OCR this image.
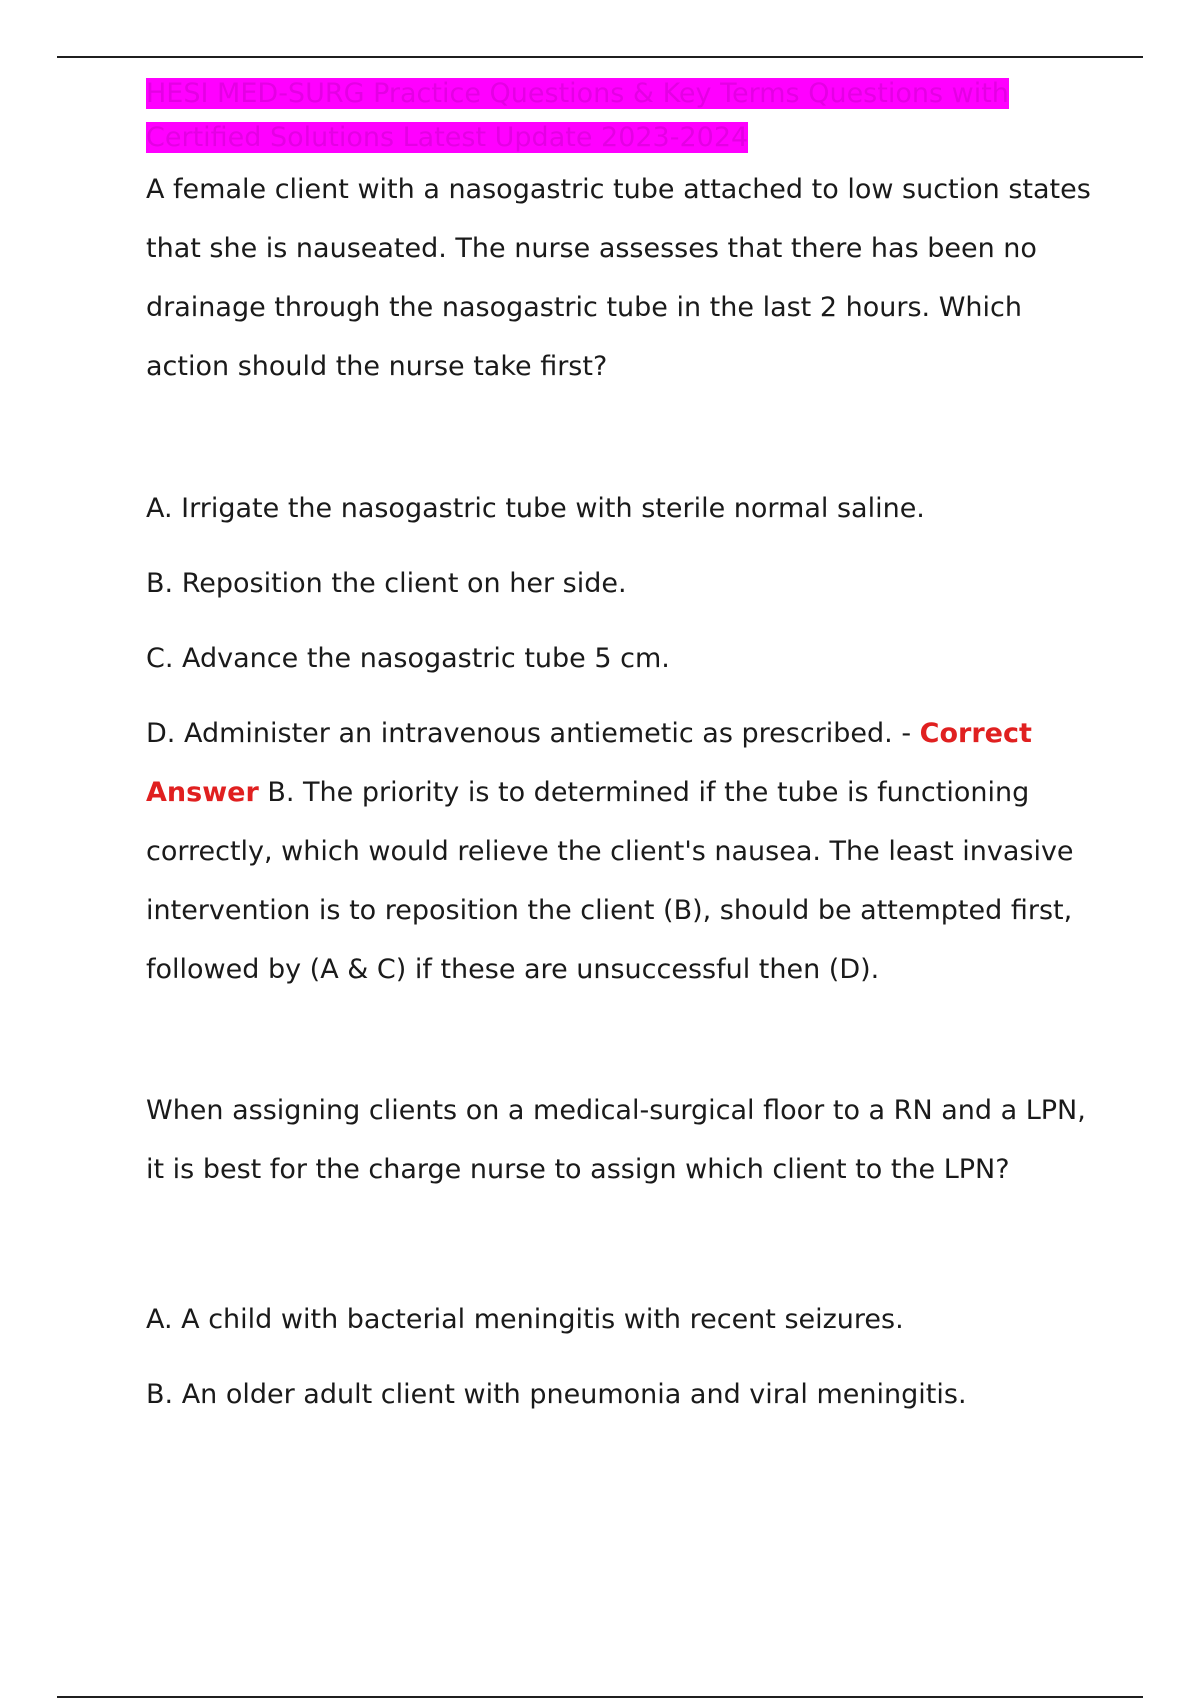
HESI MED-SURG Practice Questions & Key Terms Questions with Certified Solutions Latest Update 2023-2024

A female client with a nasogastric tube attached to low suction states that she is nauseated. The nurse assesses that there has been no drainage through the nasogastric tube in the last 2 hours. Which action should the nurse take first?

A. Irrigate the nasogastric tube with sterile normal saline.

B. Reposition the client on her side.

C. Advance the nasogastric tube 5 cm.

D. Administer an intravenous antiemetic as prescribed. - Correct Answer B. The priority is to determined if the tube is functioning correctly, which would relieve the client's nausea. The least invasive intervention is to reposition the client (B), should be attempted first, followed by (A & C) if these are unsuccessful then (D).

When assigning clients on a medical-surgical floor to a RN and a LPN, it is best for the charge nurse to assign which client to the LPN?

A. A child with bacterial meningitis with recent seizures.

B. An older adult client with pneumonia and viral meningitis.
